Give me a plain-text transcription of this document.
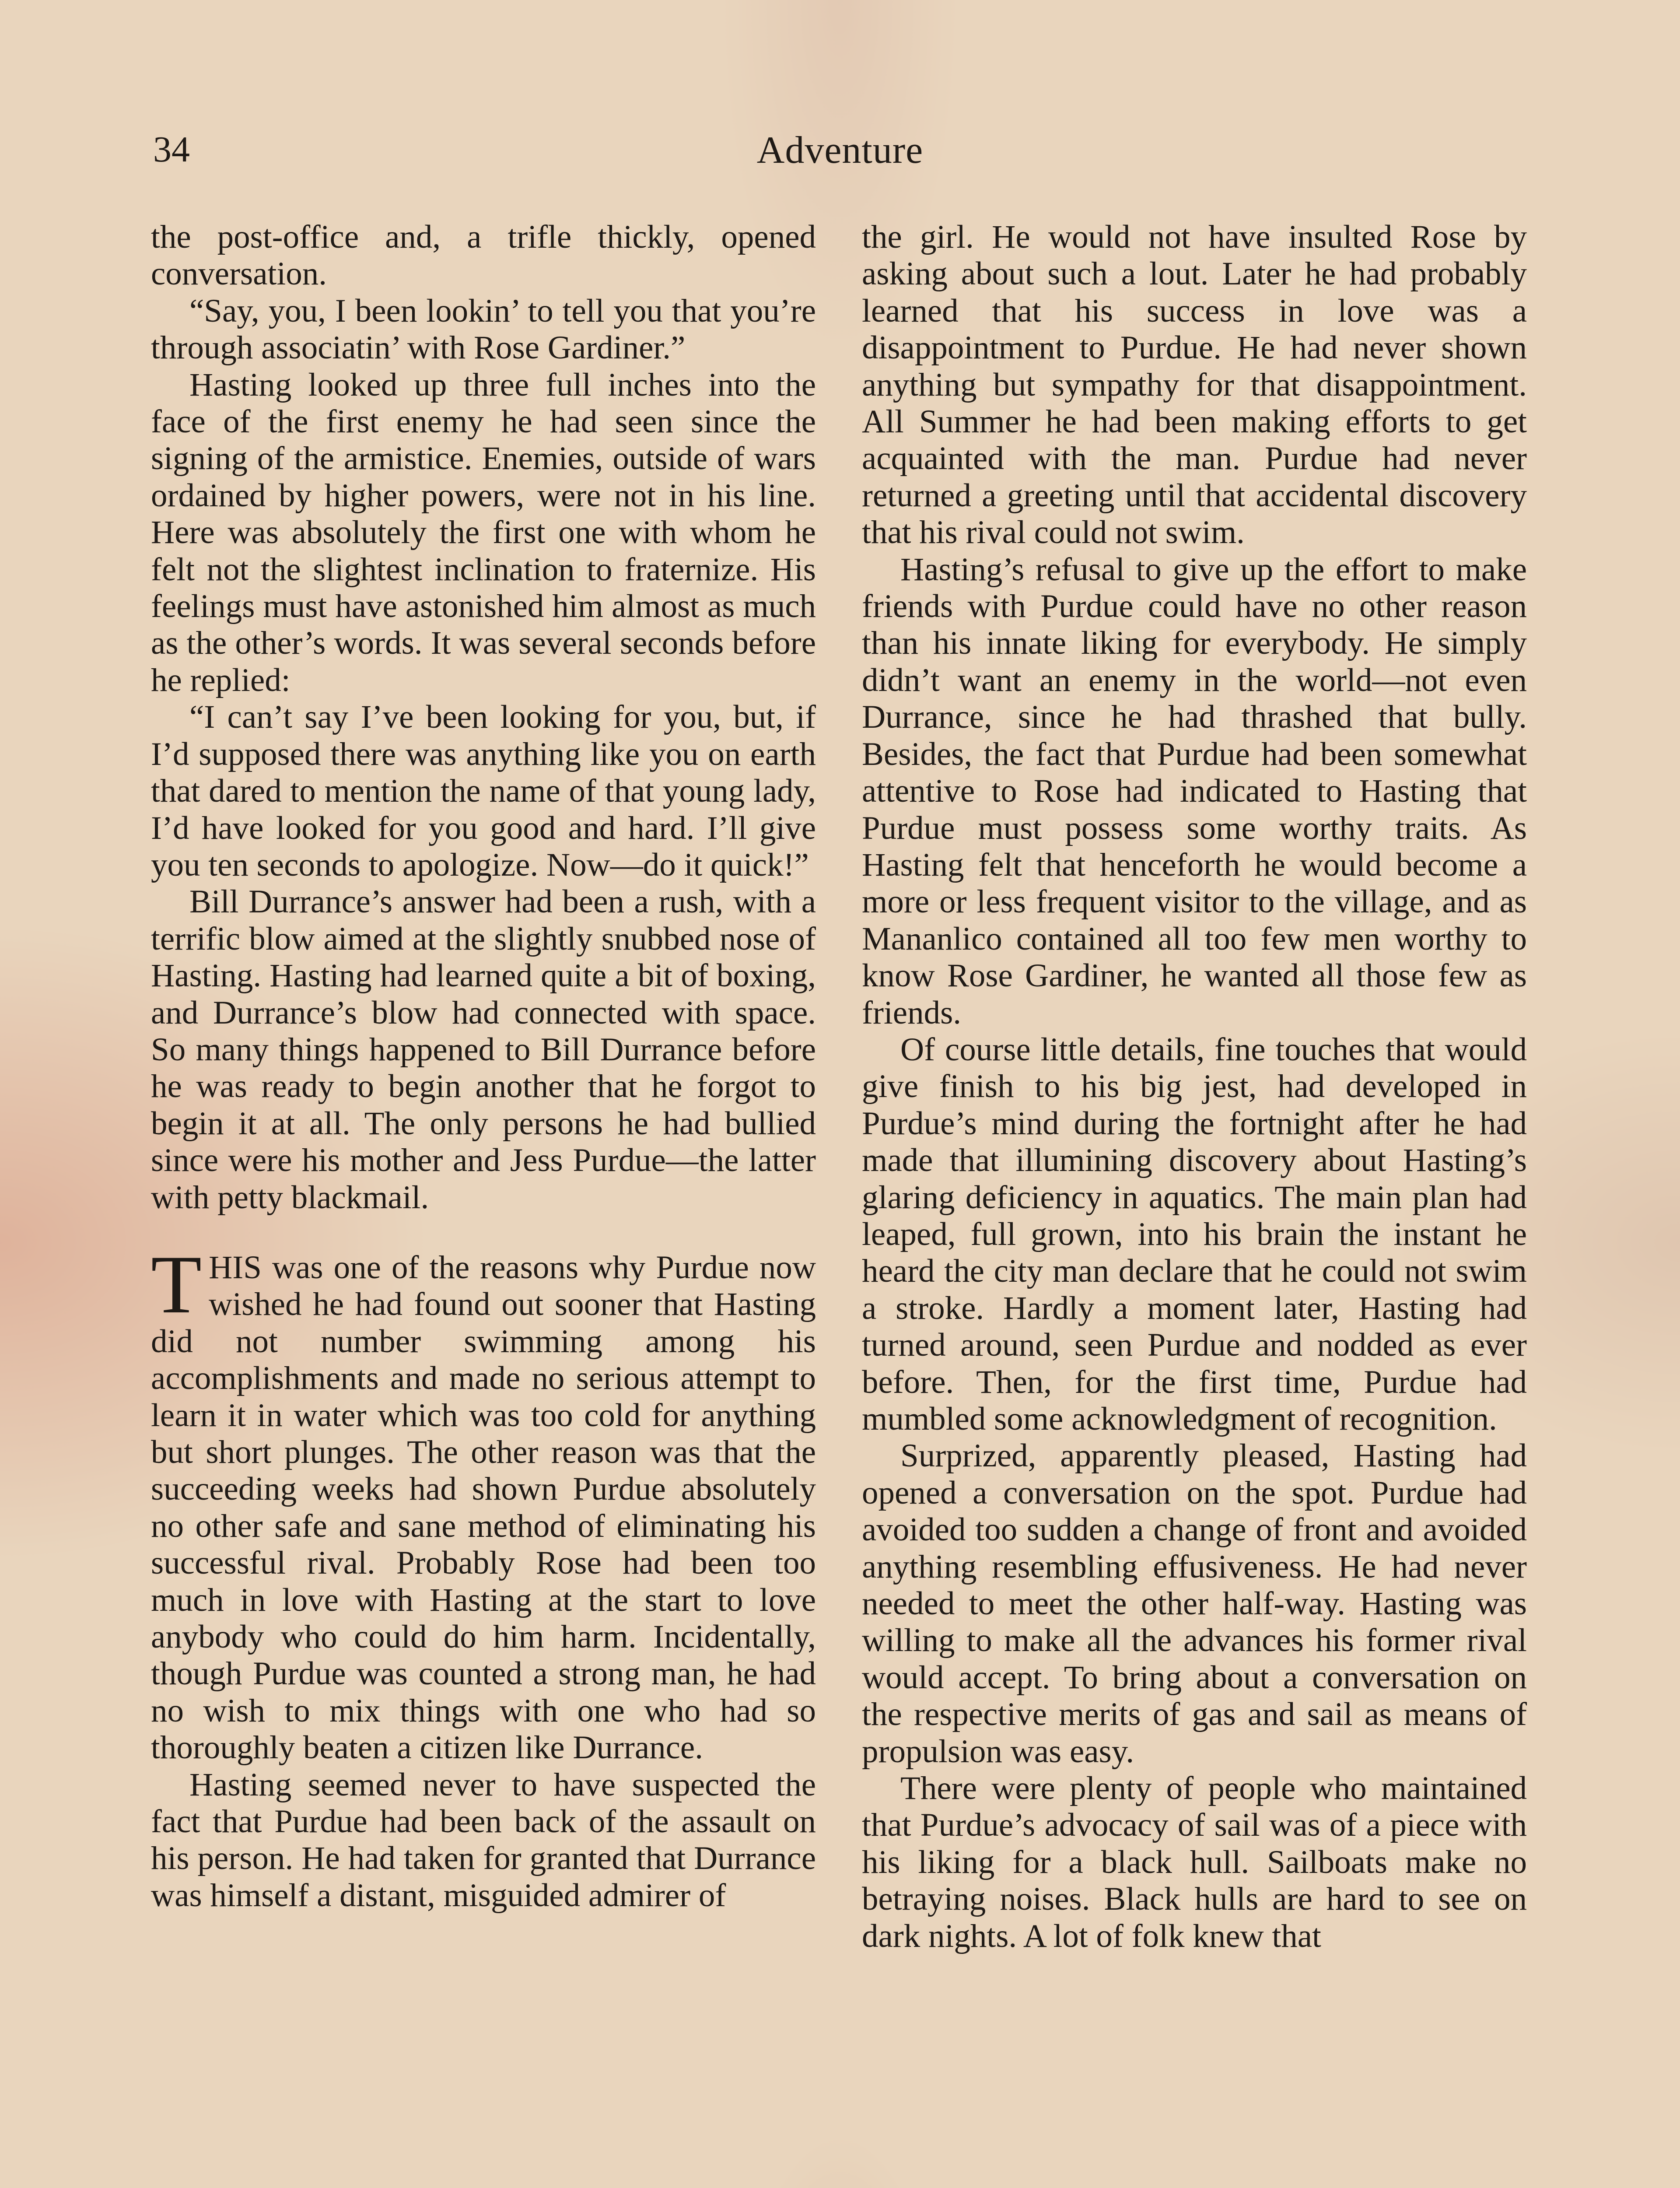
34	Adventure

the post-office and, a trifle thickly, opened conversation.

“Say, you, I been lookin’ to tell you that you’re through associatin’ with Rose Gardiner.”

Hasting looked up three full inches into the face of the first enemy he had seen since the signing of the armistice. Enemies, outside of wars ordained by higher powers, were not in his line. Here was absolutely the first one with whom he felt not the slightest inclination to fraternize. His feelings must have astonished him almost as much as the other’s words. It was several seconds before he replied:

“I can’t say I’ve been looking for you, but, if I’d supposed there was anything like you on earth that dared to mention the name of that young lady, I’d have looked for you good and hard. I’ll give you ten seconds to apologize. Now—do it quick!”

Bill Durrance’s answer had been a rush, with a terrific blow aimed at the slightly snubbed nose of Hasting. Hasting had learned quite a bit of boxing, and Durrance’s blow had connected with space. So many things happened to Bill Durrance before he was ready to begin another that he forgot to begin it at all. The only persons he had bullied since were his mother and Jess Purdue—the latter with petty blackmail.

THIS was one of the reasons why Purdue now wished he had found out sooner that Hasting did not number swimming among his accomplishments and made no serious attempt to learn it in water which was too cold for anything but short plunges. The other reason was that the succeeding weeks had shown Purdue absolutely no other safe and sane method of eliminating his successful rival. Probably Rose had been too much in love with Hasting at the start to love anybody who could do him harm. Incidentally, though Purdue was counted a strong man, he had no wish to mix things with one who had so thoroughly beaten a citizen like Durrance.

Hasting seemed never to have suspected the fact that Purdue had been back of the assault on his person. He had taken for granted that Durrance was himself a distant, misguided admirer of

the girl. He would not have insulted Rose by asking about such a lout. Later he had probably learned that his success in love was a disappointment to Purdue. He had never shown anything but sympathy for that disappointment. All Summer he had been making efforts to get acquainted with the man. Purdue had never returned a greeting until that accidental discovery that his rival could not swim.

Hasting’s refusal to give up the effort to make friends with Purdue could have no other reason than his innate liking for everybody. He simply didn’t want an enemy in the world—not even Durrance, since he had thrashed that bully. Besides, the fact that Purdue had been somewhat attentive to Rose had indicated to Hasting that Purdue must possess some worthy traits. As Hasting felt that henceforth he would become a more or less frequent visitor to the village, and as Mananlico contained all too few men worthy to know Rose Gardiner, he wanted all those few as friends.

Of course little details, fine touches that would give finish to his big jest, had developed in Purdue’s mind during the fortnight after he had made that illumining discovery about Hasting’s glaring deficiency in aquatics. The main plan had leaped, full grown, into his brain the instant he heard the city man declare that he could not swim a stroke. Hardly a moment later, Hasting had turned around, seen Purdue and nodded as ever before. Then, for the first time, Purdue had mumbled some acknowledgment of recognition.

Surprized, apparently pleased, Hasting had opened a conversation on the spot. Purdue had avoided too sudden a change of front and avoided anything resembling effusiveness. He had never needed to meet the other half-way. Hasting was willing to make all the advances his former rival would accept. To bring about a conversation on the respective merits of gas and sail as means of propulsion was easy.

There were plenty of people who maintained that Purdue’s advocacy of sail was of a piece with his liking for a black hull. Sailboats make no betraying noises. Black hulls are hard to see on dark nights. A lot of folk knew that
